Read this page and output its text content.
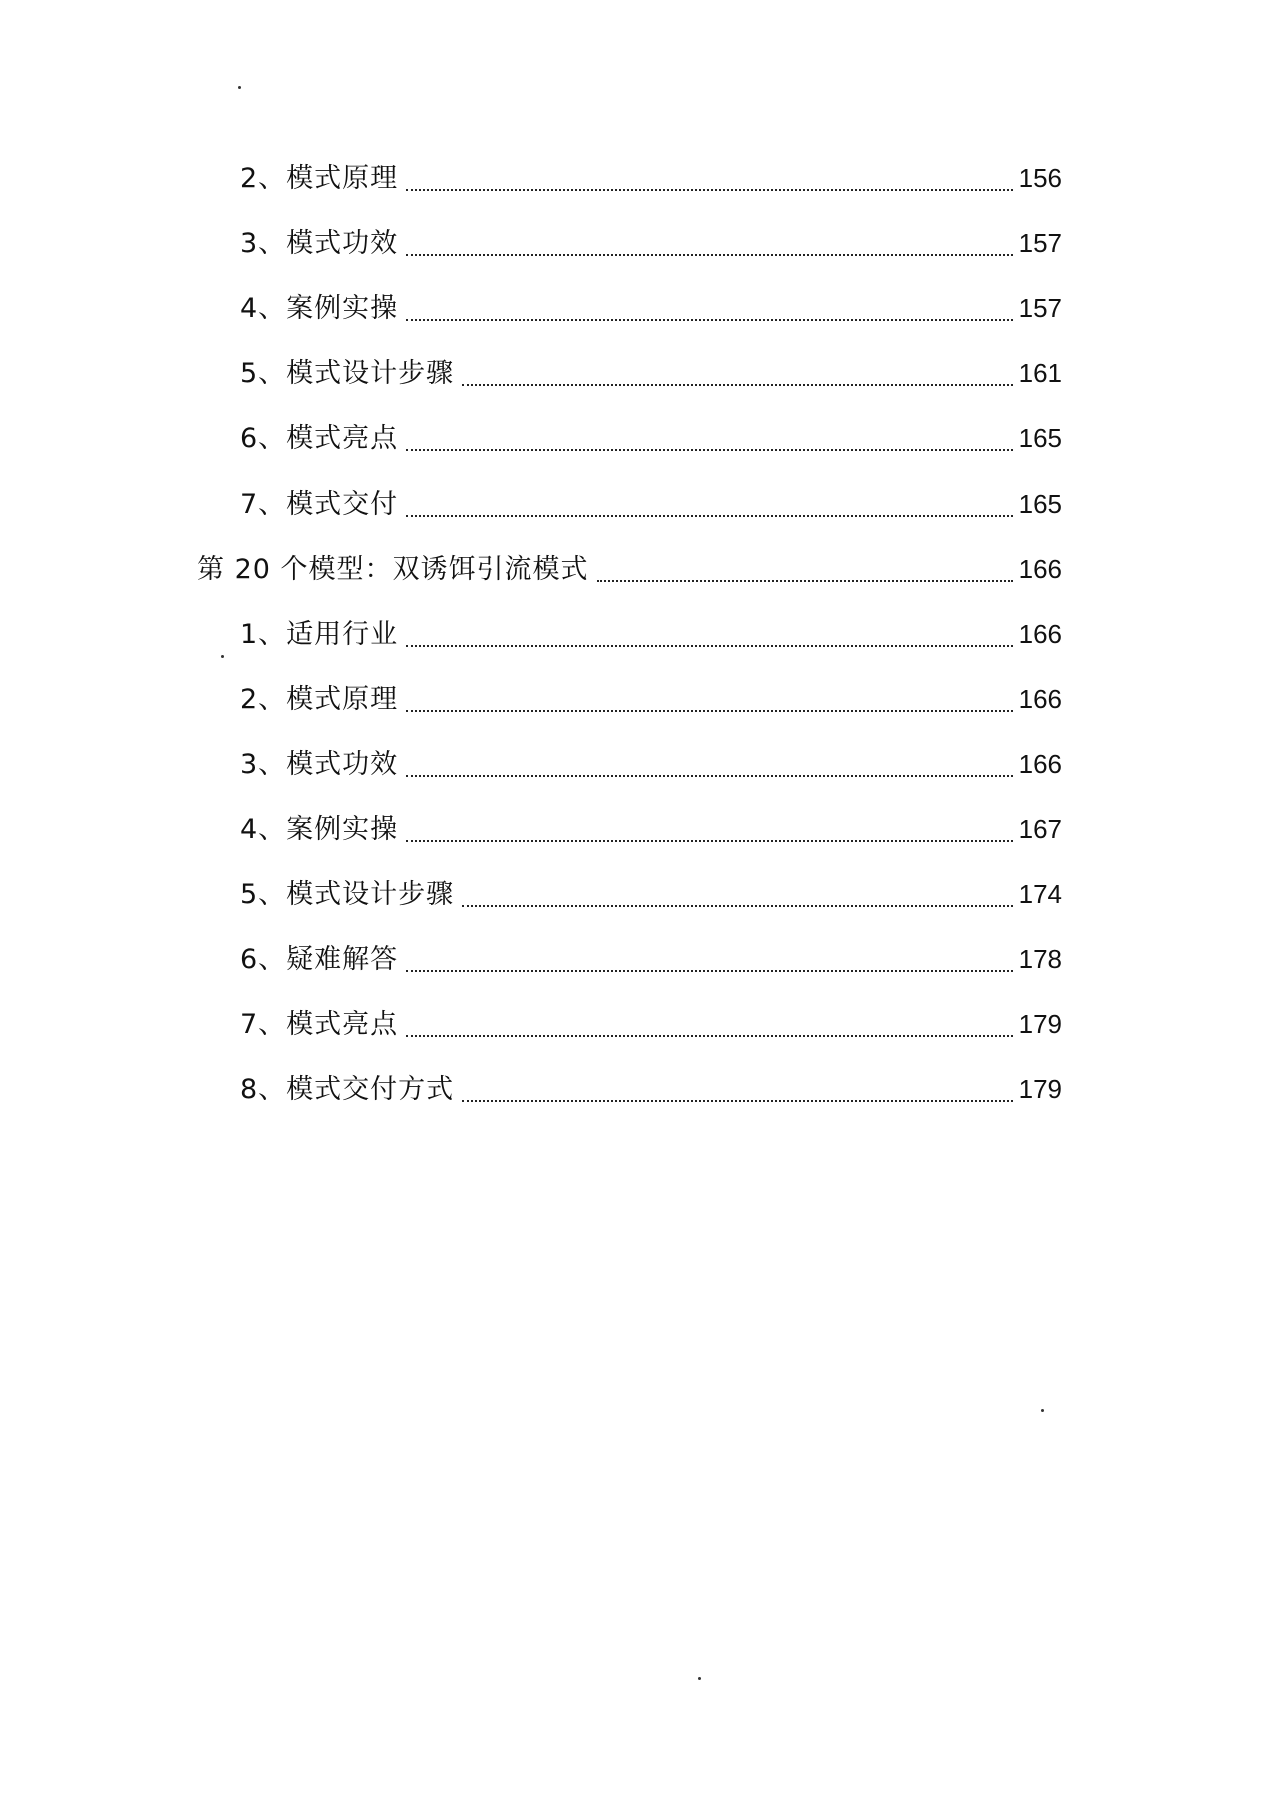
2、模式原理	156
3、模式功效	157
4、案例实操	157
5、模式设计步骤	161
6、模式亮点	165
7、模式交付	165
第 20 个模型：双诱饵引流模式	166
1、适用行业	166
2、模式原理	166
3、模式功效	166
4、案例实操	167
5、模式设计步骤	174
6、疑难解答	178
7、模式亮点	179
8、模式交付方式	179
